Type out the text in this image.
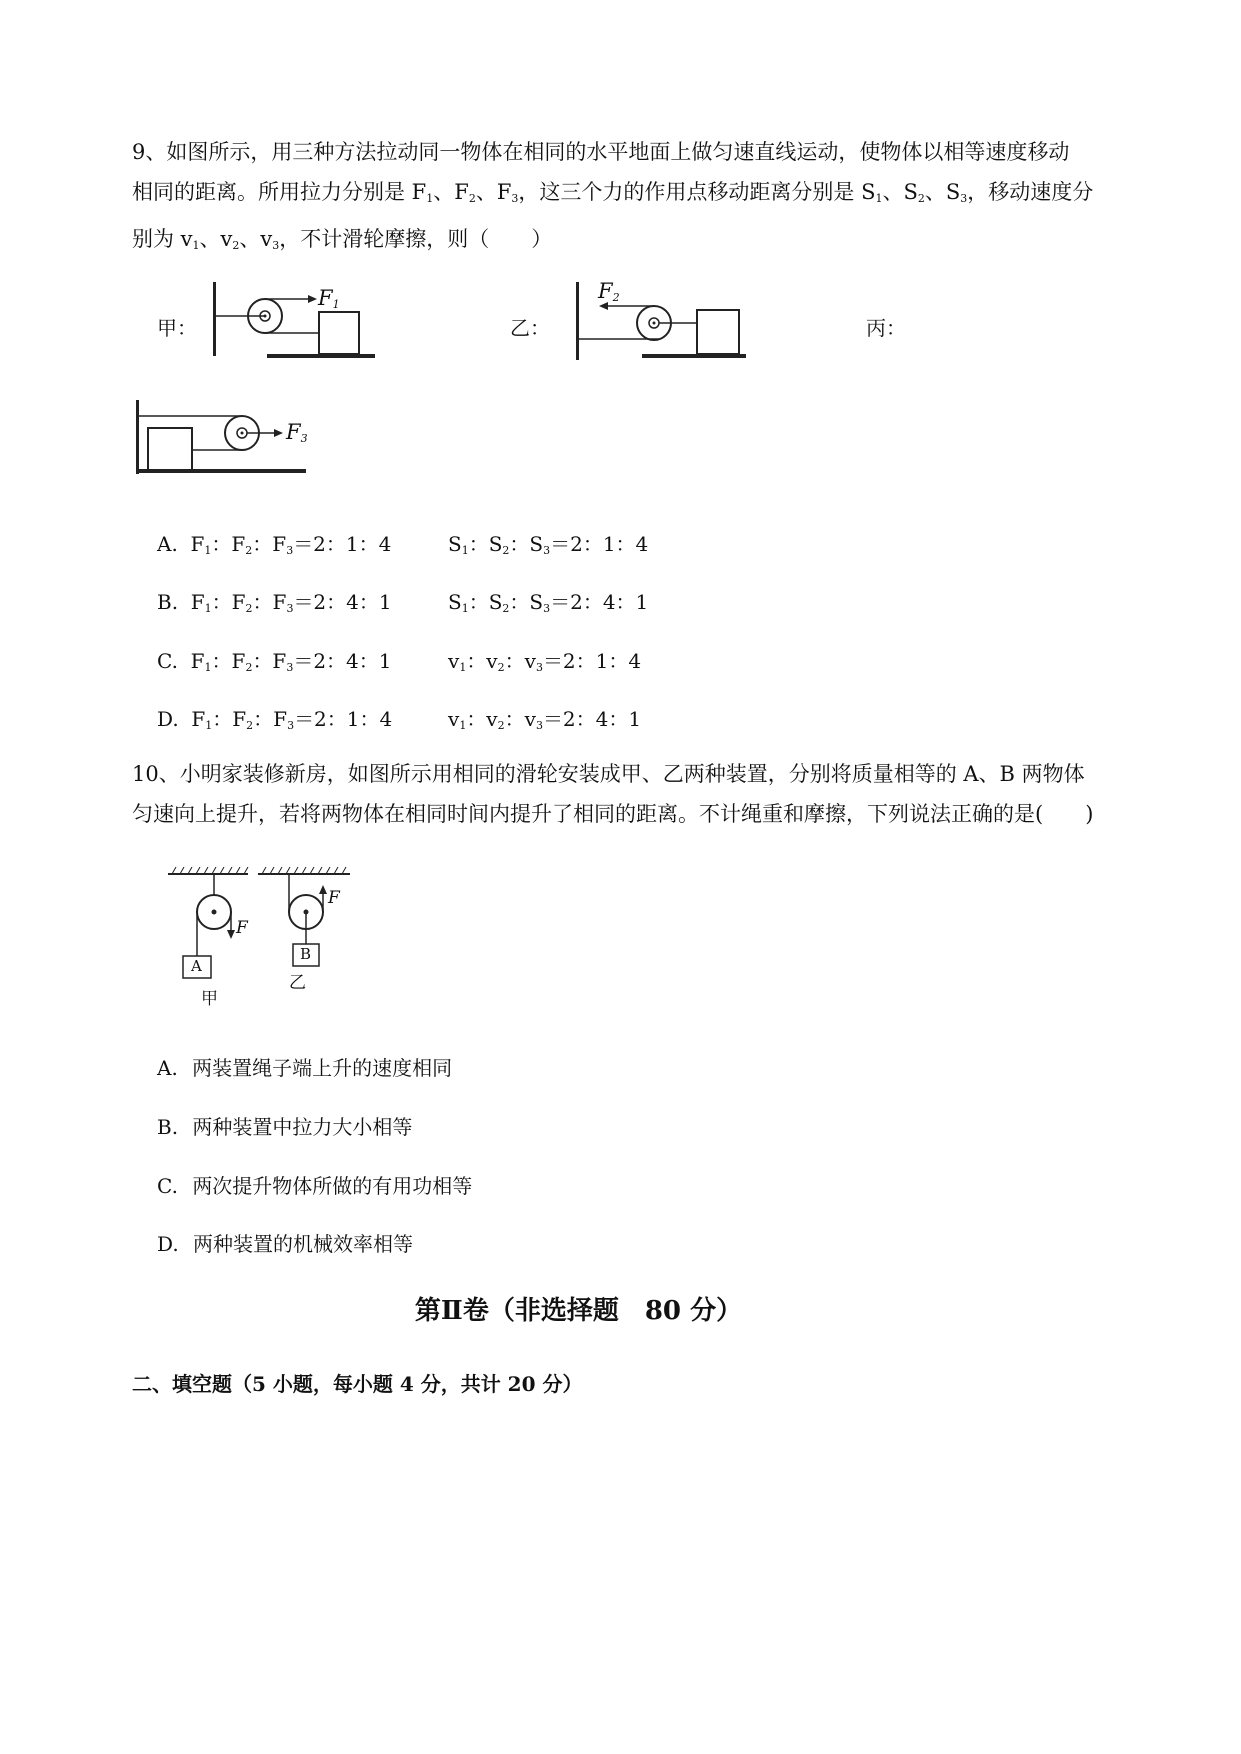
9、如图所示，用三种方法拉动同一物体在相同的水平地面上做匀速直线运动，使物体以相等速度移动
相同的距离。所用拉力分别是 $F_1$、$F_2$、$F_3$，这三个力的作用点移动距离分别是 $S_1$、$S_2$、$S_3$，移动速度分
别为 $v_1$、$v_2$、$v_3$，不计滑轮摩擦，则（　　）
甲：
$F_1$
乙：
$F_2$
丙：
$F_3$
A.  $F_1$：$F_2$：$F_3=2$：1：4	$S_1$：$S_2$：$S_3=2$：1：4
B.  $F_1$：$F_2$：$F_3=2$：4：1	$S_1$：$S_2$：$S_3=2$：4：1
C.  $F_1$：$F_2$：$F_3=2$：4：1	$v_1$：$v_2$：$v_3=2$：1：4
D.  $F_1$：$F_2$：$F_3=2$：1：4	$v_1$：$v_2$：$v_3=2$：4：1
10、小明家装修新房，如图所示用相同的滑轮安装成甲、乙两种装置，分别将质量相等的 A、B 两物体
匀速向上提升，若将两物体在相同时间内提升了相同的距离。不计绳重和摩擦，下列说法正确的是(　　)
A
B
F
F
甲
乙
A. 两装置绳子端上升的速度相同
B. 两种装置中拉力大小相等
C. 两次提升物体所做的有用功相等
D. 两种装置的机械效率相等
第Ⅱ卷（非选择题　80 分）
二、填空题（5 小题，每小题 4 分，共计 20 分）
